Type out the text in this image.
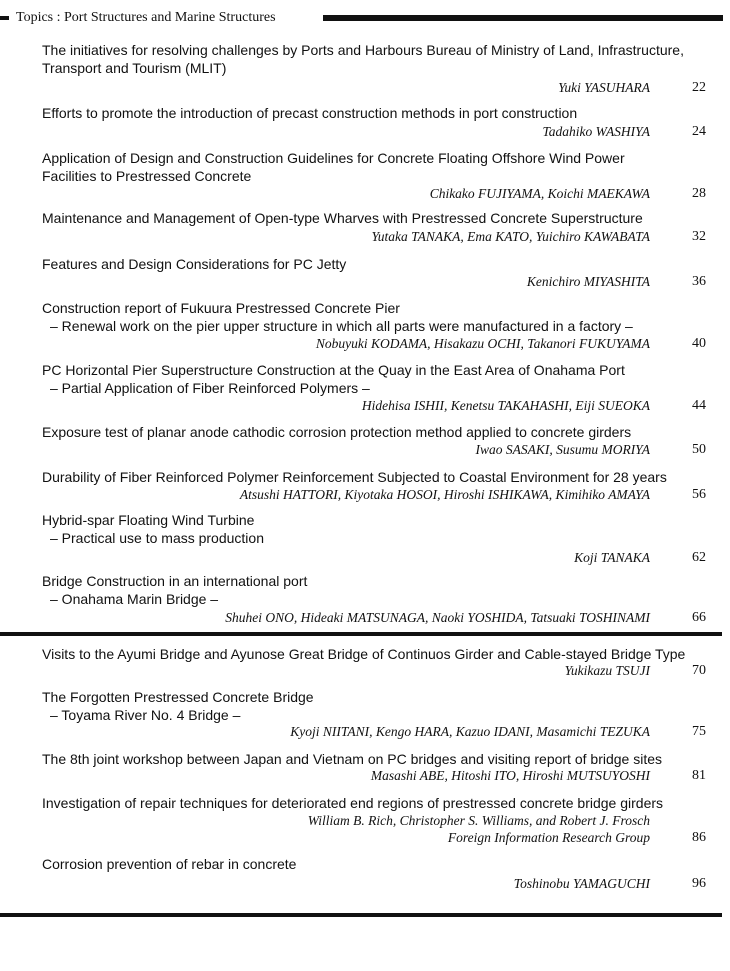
Topics : Port Structures and Marine Structures
The initiatives for resolving challenges by Ports and Harbours Bureau of Ministry of Land, Infrastructure,
Transport and Tourism (MLIT)
Yuki YASUHARA	22
Efforts to promote the introduction of precast construction methods in port construction
Tadahiko WASHIYA	24
Application of Design and Construction Guidelines for Concrete Floating Offshore Wind Power
Facilities to Prestressed Concrete
Chikako FUJIYAMA, Koichi MAEKAWA	28
Maintenance and Management of Open-type Wharves with Prestressed Concrete Superstructure
Yutaka TANAKA, Ema KATO, Yuichiro KAWABATA	32
Features and Design Considerations for PC Jetty
Kenichiro MIYASHITA	36
Construction report of Fukuura Prestressed Concrete Pier
– Renewal work on the pier upper structure in which all parts were manufactured in a factory –
Nobuyuki KODAMA, Hisakazu OCHI, Takanori FUKUYAMA	40
PC Horizontal Pier Superstructure Construction at the Quay in the East Area of Onahama Port
– Partial Application of Fiber Reinforced Polymers –
Hidehisa ISHII, Kenetsu TAKAHASHI, Eiji SUEOKA	44
Exposure test of planar anode cathodic corrosion protection method applied to concrete girders
Iwao SASAKI, Susumu MORIYA	50
Durability of Fiber Reinforced Polymer Reinforcement Subjected to Coastal Environment for 28 years
Atsushi HATTORI, Kiyotaka HOSOI, Hiroshi ISHIKAWA, Kimihiko AMAYA	56
Hybrid-spar Floating Wind Turbine
– Practical use to mass production
Koji TANAKA	62
Bridge Construction in an international port
– Onahama Marin Bridge –
Shuhei ONO, Hideaki MATSUNAGA, Naoki YOSHIDA, Tatsuaki TOSHINAMI	66
Visits to the Ayumi Bridge and Ayunose Great Bridge of Continuos Girder and Cable-stayed Bridge Type
Yukikazu TSUJI	70
The Forgotten Prestressed Concrete Bridge
– Toyama River No. 4 Bridge –
Kyoji NIITANI, Kengo HARA, Kazuo IDANI, Masamichi TEZUKA	75
The 8th joint workshop between Japan and Vietnam on PC bridges and visiting report of bridge sites
Masashi ABE, Hitoshi ITO, Hiroshi MUTSUYOSHI	81
Investigation of repair techniques for deteriorated end regions of prestressed concrete bridge girders
William B. Rich, Christopher S. Williams, and Robert J. Frosch
Foreign Information Research Group	86
Corrosion prevention of rebar in concrete
Toshinobu YAMAGUCHI	96
